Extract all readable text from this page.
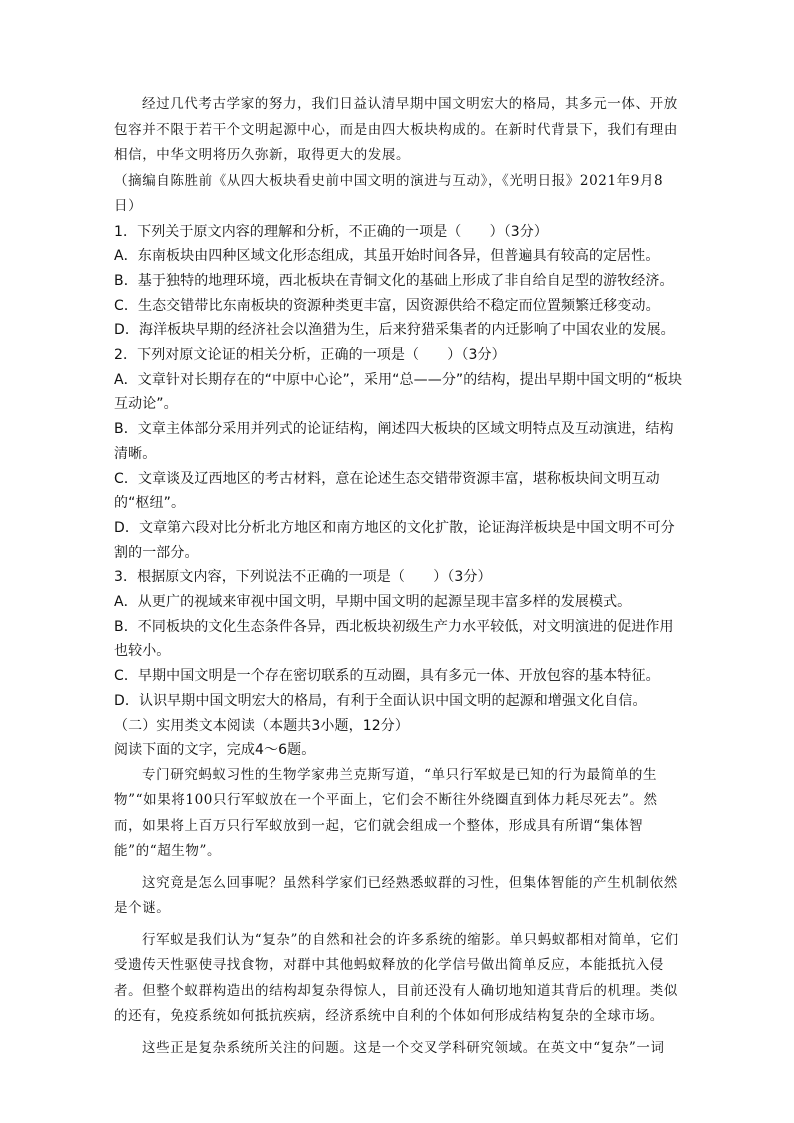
经过几代考古学家的努力，我们日益认清早期中国文明宏大的格局，其多元一体、开放包容并不限于若干个文明起源中心，而是由四大板块构成的。在新时代背景下，我们有理由相信，中华文明将历久弥新，取得更大的发展。

（摘编自陈胜前《从四大板块看史前中国文明的演进与互动》，《光明日报》2021年9月8日）

1．下列关于原文内容的理解和分析，不正确的一项是（　　）（3分）

A．东南板块由四种区域文化形态组成，其虽开始时间各异，但普遍具有较高的定居性。

B．基于独特的地理环境，西北板块在青铜文化的基础上形成了非自给自足型的游牧经济。

C．生态交错带比东南板块的资源种类更丰富，因资源供给不稳定而位置频繁迁移变动。

D．海洋板块早期的经济社会以渔猎为生，后来狩猎采集者的内迁影响了中国农业的发展。

2．下列对原文论证的相关分析，正确的一项是（　　）（3分）

A．文章针对长期存在的“中原中心论”，采用“总——分”的结构，提出早期中国文明的“板块互动论”。

B．文章主体部分采用并列式的论证结构，阐述四大板块的区域文明特点及互动演进，结构清晰。

C．文章谈及辽西地区的考古材料，意在论述生态交错带资源丰富，堪称板块间文明互动的“枢纽”。

D．文章第六段对比分析北方地区和南方地区的文化扩散，论证海洋板块是中国文明不可分割的一部分。

3．根据原文内容，下列说法不正确的一项是（　　）（3分）

A．从更广的视域来审视中国文明，早期中国文明的起源呈现丰富多样的发展模式。

B．不同板块的文化生态条件各异，西北板块初级生产力水平较低，对文明演进的促进作用也较小。

C．早期中国文明是一个存在密切联系的互动圈，具有多元一体、开放包容的基本特征。

D．认识早期中国文明宏大的格局，有利于全面认识中国文明的起源和增强文化自信。

（二）实用类文本阅读（本题共3小题，12分）

阅读下面的文字，完成4～6题。

专门研究蚂蚁习性的生物学家弗兰克斯写道，“单只行军蚁是已知的行为最简单的生物”“如果将100只行军蚁放在一个平面上，它们会不断往外绕圈直到体力耗尽死去”。然而，如果将上百万只行军蚁放到一起，它们就会组成一个整体，形成具有所谓“集体智能”的“超生物”。

这究竟是怎么回事呢？虽然科学家们已经熟悉蚁群的习性，但集体智能的产生机制依然是个谜。

行军蚁是我们认为“复杂”的自然和社会的许多系统的缩影。单只蚂蚁都相对简单，它们受遗传天性驱使寻找食物，对群中其他蚂蚁释放的化学信号做出简单反应，本能抵抗入侵者。但整个蚁群构造出的结构却复杂得惊人，目前还没有人确切地知道其背后的机理。类似的还有，免疫系统如何抵抗疾病，经济系统中自利的个体如何形成结构复杂的全球市场。

这些正是复杂系统所关注的问题。这是一个交叉学科研究领域。在英文中“复杂”一词
